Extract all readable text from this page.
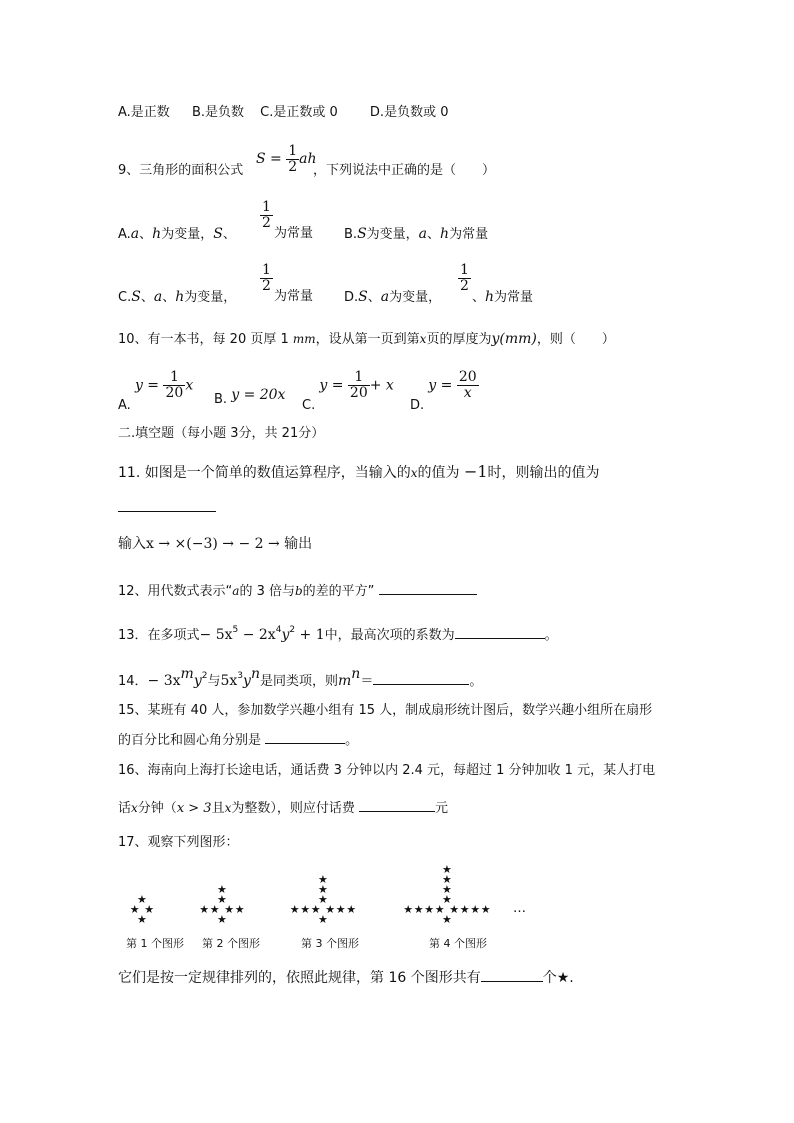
A.是正数 B.是负数 C.是正数或 0 D.是负数或 0
9、三角形的面积公式
$S = \frac{1}{2}$ ah
，下列说法中正确的是（　　）
A.a、h为变量，S、
$\frac{1}{2}$
为常量 B.S为变量，a、h为常量
C.S、a、h为变量，
$\frac{1}{2}$
为常量 D.S、a为变量，
$\frac{1}{2}$
、h为常量
10、有一本书，每 20 页厚 1 mm，设从第一页到第x页的厚度为y(mm)，则（　　）
A. $y = \frac{1}{20}$ x
B. y = 20x
C. $y = \frac{1}{20} + x$
D. $y = \frac{20}{x}$
二.填空题（每小题 3分，共 21分）
11. 如图是一个简单的数值运算程序，当输入的x的值为 −1时，则输出的值为
输入x → ×(−3) → − 2 → 输出
12、用代数式表示“a的 3 倍与b的差的平方”
13．在多项式− $5x^5 - 2x^4y^2 + 1$中，最高次项的系数为	。
14．− $3x^my^2$与$5x^3y^n$是同类项，则$m^n=$	。
15、某班有 40 人，参加数学兴趣小组有 15 人，制成扇形统计图后，数学兴趣小组所在扇形
的百分比和圆心角分别是	。
16、海南向上海打长途电话，通话费 3 分钟以内 2.4 元，每超过 1 分钟加收 1 元，某人打电
话x分钟（x > 3且x为整数），则应付话费	元
17、观察下列图形：
★ ★
★
★
★ ★
★ ★
★
★
★
★ ★
★ ★
★	★
★
★
★
★
★ ★
★ ★
★	★
★	★
★
★
★
★
★
第 1 个图形 第 2 个图形	第 3 个图形	第 4 个图形
…
它们是按一定规律排列的，依照此规律，第 16 个图形共有	个★.
